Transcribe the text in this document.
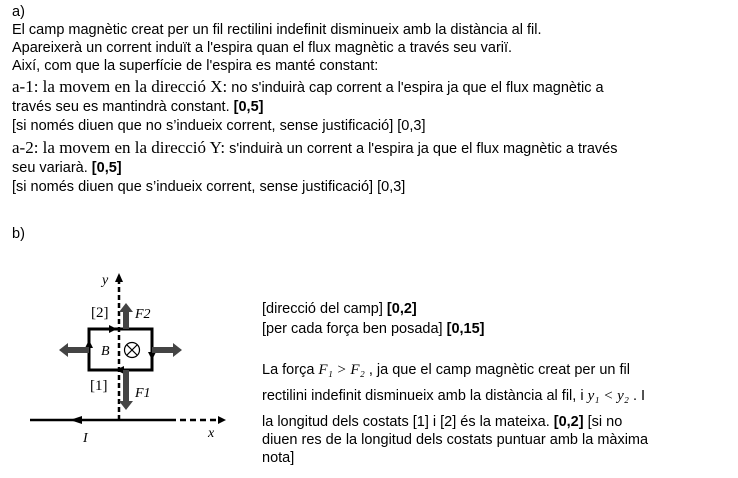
a)
El camp magnètic creat per un fil rectilini indefinit disminueix amb la distància al fil.
Apareixerà un corrent induït a l'espira quan el flux magnètic a través seu variï.
Així, com que la superfície de l'espira es manté constant:
a-1: la movem en la direcció X: no s'induirà cap corrent a l'espira ja que el flux magnètic a
través seu es mantindrà constant. [0,5]
[si només diuen que no s’indueix corrent, sense justificació] [0,3]
a-2: la movem en la direcció Y: s'induirà un corrent a l'espira ja que el flux magnètic a través
seu variarà. [0,5]
[si només diuen que s’indueix corrent, sense justificació] [0,3]
b)
y
x
I
[2]
[1]
F2
F1
B
[direcció del camp] [0,2]
[per cada força ben posada] [0,15]
La força F₁ > F₂ , ja que el camp magnètic creat per un fil
rectilini indefinit disminueix amb la distància al fil, i y₁ < y₂ . I
la longitud dels costats [1] i [2] és la mateixa. [0,2] [si no
diuen res de la longitud dels costats puntuar amb la màxima
nota]
